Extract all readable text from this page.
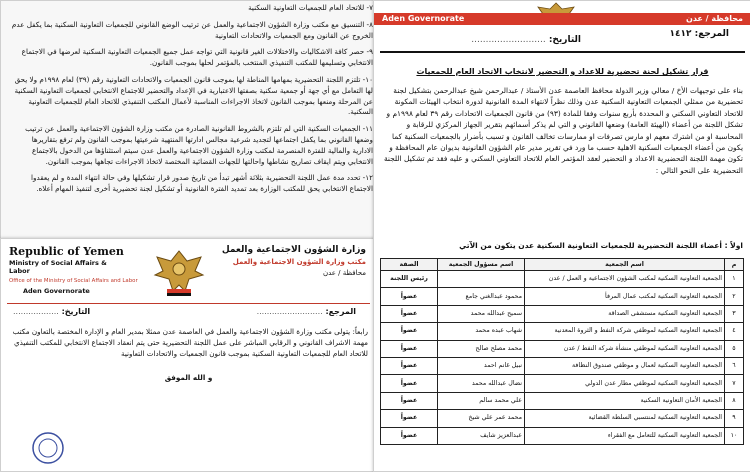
٧- للاتحاد العام للجمعيات التعاونية السكنية

٨- التنسيق مع مكتب وزارة الشؤون الاجتماعية والعمل عن ترتيب الوضع القانوني للجمعيات التعاونية السكنية بما يكفل عدم الخروج عن القانون ومع الجمعيات والاتحادات التعاونية

٩- حصر كافة الاشكاليات والاختلالات الغير قانونية التي تواجه عمل جميع الجمعيات التعاونية السكنية لعرضها في الاجتماع الانتخابي وتسليمها للمكتب التنفيذي المنتخب بالمؤتمر لحلها بموجب القانون.

١٠- تلتزم اللجنة التحضيرية بمهامها المناطة لها بموجب قانون الجمعيات والاتحادات التعاونية رقم (٣٩) لعام ١٩٩٨م ولا يحق لها التعامل مع أي جهة أو جمعية سكنية بصفتها الاعتبارية في الإعداد والتحضير للاجتماع الانتخابي لجمعيات التعاونية السكنية عن المرحلة ومنعها بموجب القانون لاتخاذ الاجراءات المناسبة لأعمال المكتب التنفيذي للاتحاد العام للجمعيات التعاونية السكنية.

١١- الجمعيات السكنية التي لم تلتزم بالشروط القانونية الصادرة من مكتب وزارة الشؤون الاجتماعية والعمل عن ترتيب وضعها القانوني بما يكفل اجتماعها لتجديد شرعية مجالس ادارتها المنتهية شرعيتها بموجب القانون ولم ترفع بتقاريرها الادارية والمالية للفترة المنصرمة لمكتب وزارة الشؤون الاجتماعية والعمل عدن سيتم استثناؤها من الدخول بالاجتماع الانتخابي ويتم ايقاف تصاريح نشاطها واحالتها للجهات القضائية المختصة لاتخاذ الاجراءات تجاهها بموجب القانون.

١٢- تحدد مدة عمل اللجنة التحضيرية بثلاثة أشهر تبدأ من تاريخ صدور قرار تشكيلها وفي حالة انتهاء المدة و لم يعقدوا الاجتماع الانتخابي يحق للمكتب الوزارة بعد تمديد الفترة القانونية أو تشكيل لجنة تحضيرية أخرى لتنفيذ المهام أعلاه.

Republic of Yemen
Ministry of Social Affairs & Labor
Office of the Ministry of Social Affairs and Labor
Aden Governorate
وزارة الشؤون الاجتماعية والعمل
مكتب وزارة الشؤون الاجتماعية والعمل
محافظة / عدن
المرجع: ..........................
التاريخ: ..................

رابعاً: يتولى مكتب وزارة الشؤون الاجتماعية والعمل في العاصمة عدن ممثلا بمدير العام و الإدارة المختصة بالتعاون مكتب مهمة الاشراف القانوني و الرقابي المباشر على عمل اللجنة التحضيرية حتى يتم انعقاد الاجتماع الانتخابي للمكتب التنفيذي للاتحاد العام للجمعيات التعاونية السكنية بموجب قانون الجمعيات والاتحادات التعاونية

و الله الموفق

Aden Governorate	محافظة / عدن
المرجع: ١٤١٢
التاريخ: ..........................
قرار تشكيل لجنة تحضيرية للاعداد و التحضير لانتخاب الاتحاد العام للجمعيات

بناء على توجيهات الأخ / معالي وزير الدولة محافظ العاصمة عدن الأستاذ / عبدالرحمن شيخ عبدالرحمن بتشكيل لجنة تحضيرية من ممثلي الجمعيات التعاونية السكنية عدن وذلك نظراً لانتهاء المدة القانونية لدورة انتخاب الهيئات المكونة للاتحاد التعاوني السكني و المحددة بأربع سنوات وفقا للمادة (٩٣) من قانون الجمعيات الاتحادات رقم ٣٩ لعام ١٩٩٨م و تشكل اللجنة من أعضاء (الهيئة العامة) وضعها القانوني و التي لم يذكر أسمائهم بتقرير الجهاز المركزي للرقابة و المحاسبة او من اشترك معهم او مارس تصرفات او ممارسات تخالف القانون و تسبب بأضرار بالجمعيات السكنية كما يكون من أعضاء الجمعيات السكنية الاهلية حسب ما ورد في تقرير مدير عام الشؤون القانونية بديوان عام المحافظة و تكون مهمة اللجنة التحضيرية الاعداد و التحضير لعقد المؤتمر العام للاتحاد التعاوني السكني و عليه فقد تم تشكيل اللجنة التحضيرية على النحو التالي :

اولاً : أعضاء اللجنة التحضيرية للجمعيات التعاونية السكنية عدن يتكون من الآتي
م	اسم الجمعية	اسم مسؤول الجمعية	الصفة
١	الجمعية التعاونية السكنية لمكتب الشؤون الاجتماعية و العمل / عدن		رئيس اللجنة
٢	الجمعية التعاونية السكنية لمكتب عمال المرفأ	محمود عبدالغني جامع	عضواً
٣	الجمعية التعاونية السكنية مستشفى الصداقة	سميح عبدالله محمد	عضواً
٤	الجمعية التعاونية السكنية لموظفي شركة النفط و الثروة المعدنية	شهاب عبده محمد	عضواً
٥	الجمعية التعاونية السكنية لموظفي منشأة شركة النفط / عدن	محمد مصلح صالح	عضواً
٦	الجمعية التعاونية السكنية لعمال و موظفي صندوق النظافة	نبيل غانم احمد	عضواً
٧	الجمعية التعاونية السكنية لموظفي مطار عدن الدولي	نضال عبدالله محمد	عضواً
٨	الجمعية الأمان التعاونية السكنية	علي محمد سالم	عضواً
٩	الجمعية التعاونية السكنية لمنتسبي السلطة القضائية	محمد عمر علي شيخ	عضواً
١٠	الجمعية التعاونية السكنية للتعامل مع الفقراء	عبدالعزيز شايف	عضواً
